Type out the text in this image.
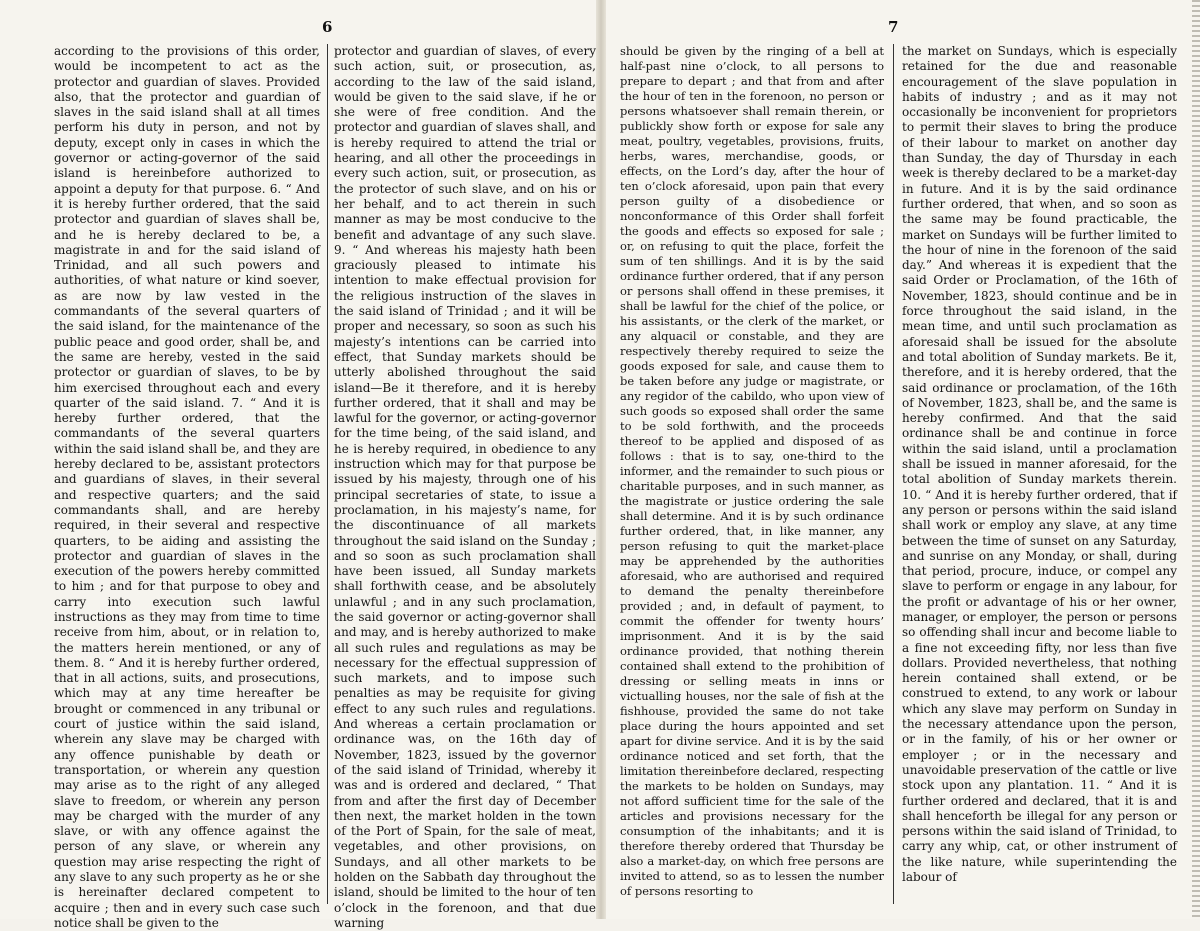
6	7

according to the provisions of this order, would be incompetent to act as the protector and guardian of slaves. Provided also, that the protector and guardian of slaves in the said island shall at all times perform his duty in person, and not by deputy, except only in cases in which the governor or acting-governor of the said island is hereinbefore authorized to appoint a deputy for that purpose. 6. “ And it is hereby further ordered, that the said protector and guardian of slaves shall be, and he is hereby declared to be, a magistrate in and for the said island of Trinidad, and all such powers and authorities, of what nature or kind soever, as are now by law vested in the commandants of the several quarters of the said island, for the maintenance of the public peace and good order, shall be, and the same are hereby, vested in the said protector or guardian of slaves, to be by him exercised throughout each and every quarter of the said island. 7. “ And it is hereby further ordered, that the commandants of the several quarters within the said island shall be, and they are hereby declared to be, assistant protectors and guardians of slaves, in their several and respective quarters; and the said commandants shall, and are hereby required, in their several and respective quarters, to be aiding and assisting the protector and guardian of slaves in the execution of the powers hereby committed to him ; and for that purpose to obey and carry into execution such lawful instructions as they may from time to time receive from him, about, or in relation to, the matters herein mentioned, or any of them. 8. “ And it is hereby further ordered, that in all actions, suits, and prosecutions, which may at any time hereafter be brought or commenced in any tribunal or court of justice within the said island, wherein any slave may be charged with any offence punishable by death or transportation, or wherein any question may arise as to the right of any alleged slave to freedom, or wherein any person may be charged with the murder of any slave, or with any offence against the person of any slave, or wherein any question may arise respecting the right of any slave to any such property as he or she is hereinafter declared competent to acquire ; then and in every such case such notice shall be given to the

protector and guardian of slaves, of every such action, suit, or prosecution, as, according to the law of the said island, would be given to the said slave, if he or she were of free condition. And the protector and guardian of slaves shall, and is hereby required to attend the trial or hearing, and all other the proceedings in every such action, suit, or prosecution, as the protector of such slave, and on his or her behalf, and to act therein in such manner as may be most conducive to the benefit and advantage of any such slave. 9. “ And whereas his majesty hath been graciously pleased to intimate his intention to make effectual provision for the religious instruction of the slaves in the said island of Trinidad ; and it will be proper and necessary, so soon as such his majesty’s intentions can be carried into effect, that Sunday markets should be utterly abolished throughout the said island—Be it therefore, and it is hereby further ordered, that it shall and may be lawful for the governor, or acting-governor for the time being, of the said island, and he is hereby required, in obedience to any instruction which may for that purpose be issued by his majesty, through one of his principal secretaries of state, to issue a proclamation, in his majesty’s name, for the discontinuance of all markets throughout the said island on the Sunday ; and so soon as such proclamation shall have been issued, all Sunday markets shall forthwith cease, and be absolutely unlawful ; and in any such proclamation, the said governor or acting-governor shall and may, and is hereby authorized to make all such rules and regulations as may be necessary for the effectual suppression of such markets, and to impose such penalties as may be requisite for giving effect to any such rules and regulations. And whereas a certain proclamation or ordinance was, on the 16th day of November, 1823, issued by the governor of the said island of Trinidad, whereby it was and is ordered and declared, “ That from and after the first day of December then next, the market holden in the town of the Port of Spain, for the sale of meat, vegetables, and other provisions, on Sundays, and all other markets to be holden on the Sabbath day throughout the island, should be limited to the hour of ten o’clock in the forenoon, and that due warning

should be given by the ringing of a bell at half-past nine o’clock, to all persons to prepare to depart ; and that from and after the hour of ten in the forenoon, no person or persons whatsoever shall remain therein, or publickly show forth or expose for sale any meat, poultry, vegetables, provisions, fruits, herbs, wares, merchandise, goods, or effects, on the Lord’s day, after the hour of ten o’clock aforesaid, upon pain that every person guilty of a disobedience or nonconformance of this Order shall forfeit the goods and effects so exposed for sale ; or, on refusing to quit the place, forfeit the sum of ten shillings. And it is by the said ordinance further ordered, that if any person or persons shall offend in these premises, it shall be lawful for the chief of the police, or his assistants, or the clerk of the market, or any alquacil or constable, and they are respectively thereby required to seize the goods exposed for sale, and cause them to be taken before any judge or magistrate, or any regidor of the cabildo, who upon view of such goods so exposed shall order the same to be sold forthwith, and the proceeds thereof to be applied and disposed of as follows : that is to say, one-third to the informer, and the remainder to such pious or charitable purposes, and in such manner, as the magistrate or justice ordering the sale shall determine. And it is by such ordinance further ordered, that, in like manner, any person refusing to quit the market-place may be apprehended by the authorities aforesaid, who are authorised and required to demand the penalty thereinbefore provided ; and, in default of payment, to commit the offender for twenty hours’ imprisonment. And it is by the said ordinance provided, that nothing therein contained shall extend to the prohibition of dressing or selling meats in inns or victualling houses, nor the sale of fish at the fishhouse, provided the same do not take place during the hours appointed and set apart for divine service. And it is by the said ordinance noticed and set forth, that the limitation thereinbefore declared, respecting the markets to be holden on Sundays, may not afford sufficient time for the sale of the articles and provisions necessary for the consumption of the inhabitants; and it is therefore thereby ordered that Thursday be also a market-day, on which free persons are invited to attend, so as to lessen the number of persons resorting to

the market on Sundays, which is especially retained for the due and reasonable encouragement of the slave population in habits of industry ; and as it may not occasionally be inconvenient for proprietors to permit their slaves to bring the produce of their labour to market on another day than Sunday, the day of Thursday in each week is thereby declared to be a market-day in future. And it is by the said ordinance further ordered, that when, and so soon as the same may be found practicable, the market on Sundays will be further limited to the hour of nine in the forenoon of the said day.” And whereas it is expedient that the said Order or Proclamation, of the 16th of November, 1823, should continue and be in force throughout the said island, in the mean time, and until such proclamation as aforesaid shall be issued for the absolute and total abolition of Sunday markets. Be it, therefore, and it is hereby ordered, that the said ordinance or proclamation, of the 16th of November, 1823, shall be, and the same is hereby confirmed. And that the said ordinance shall be and continue in force within the said island, until a proclamation shall be issued in manner aforesaid, for the total abolition of Sunday markets therein. 10. “ And it is hereby further ordered, that if any person or persons within the said island shall work or employ any slave, at any time between the time of sunset on any Saturday, and sunrise on any Monday, or shall, during that period, procure, induce, or compel any slave to perform or engage in any labour, for the profit or advantage of his or her owner, manager, or employer, the person or persons so offending shall incur and become liable to a fine not exceeding fifty, nor less than five dollars. Provided nevertheless, that nothing herein contained shall extend, or be construed to extend, to any work or labour which any slave may perform on Sunday in the necessary attendance upon the person, or in the family, of his or her owner or employer ; or in the necessary and unavoidable preservation of the cattle or live stock upon any plantation. 11. “ And it is further ordered and declared, that it is and shall henceforth be illegal for any person or persons within the said island of Trinidad, to carry any whip, cat, or other instrument of the like nature, while superintending the labour of
